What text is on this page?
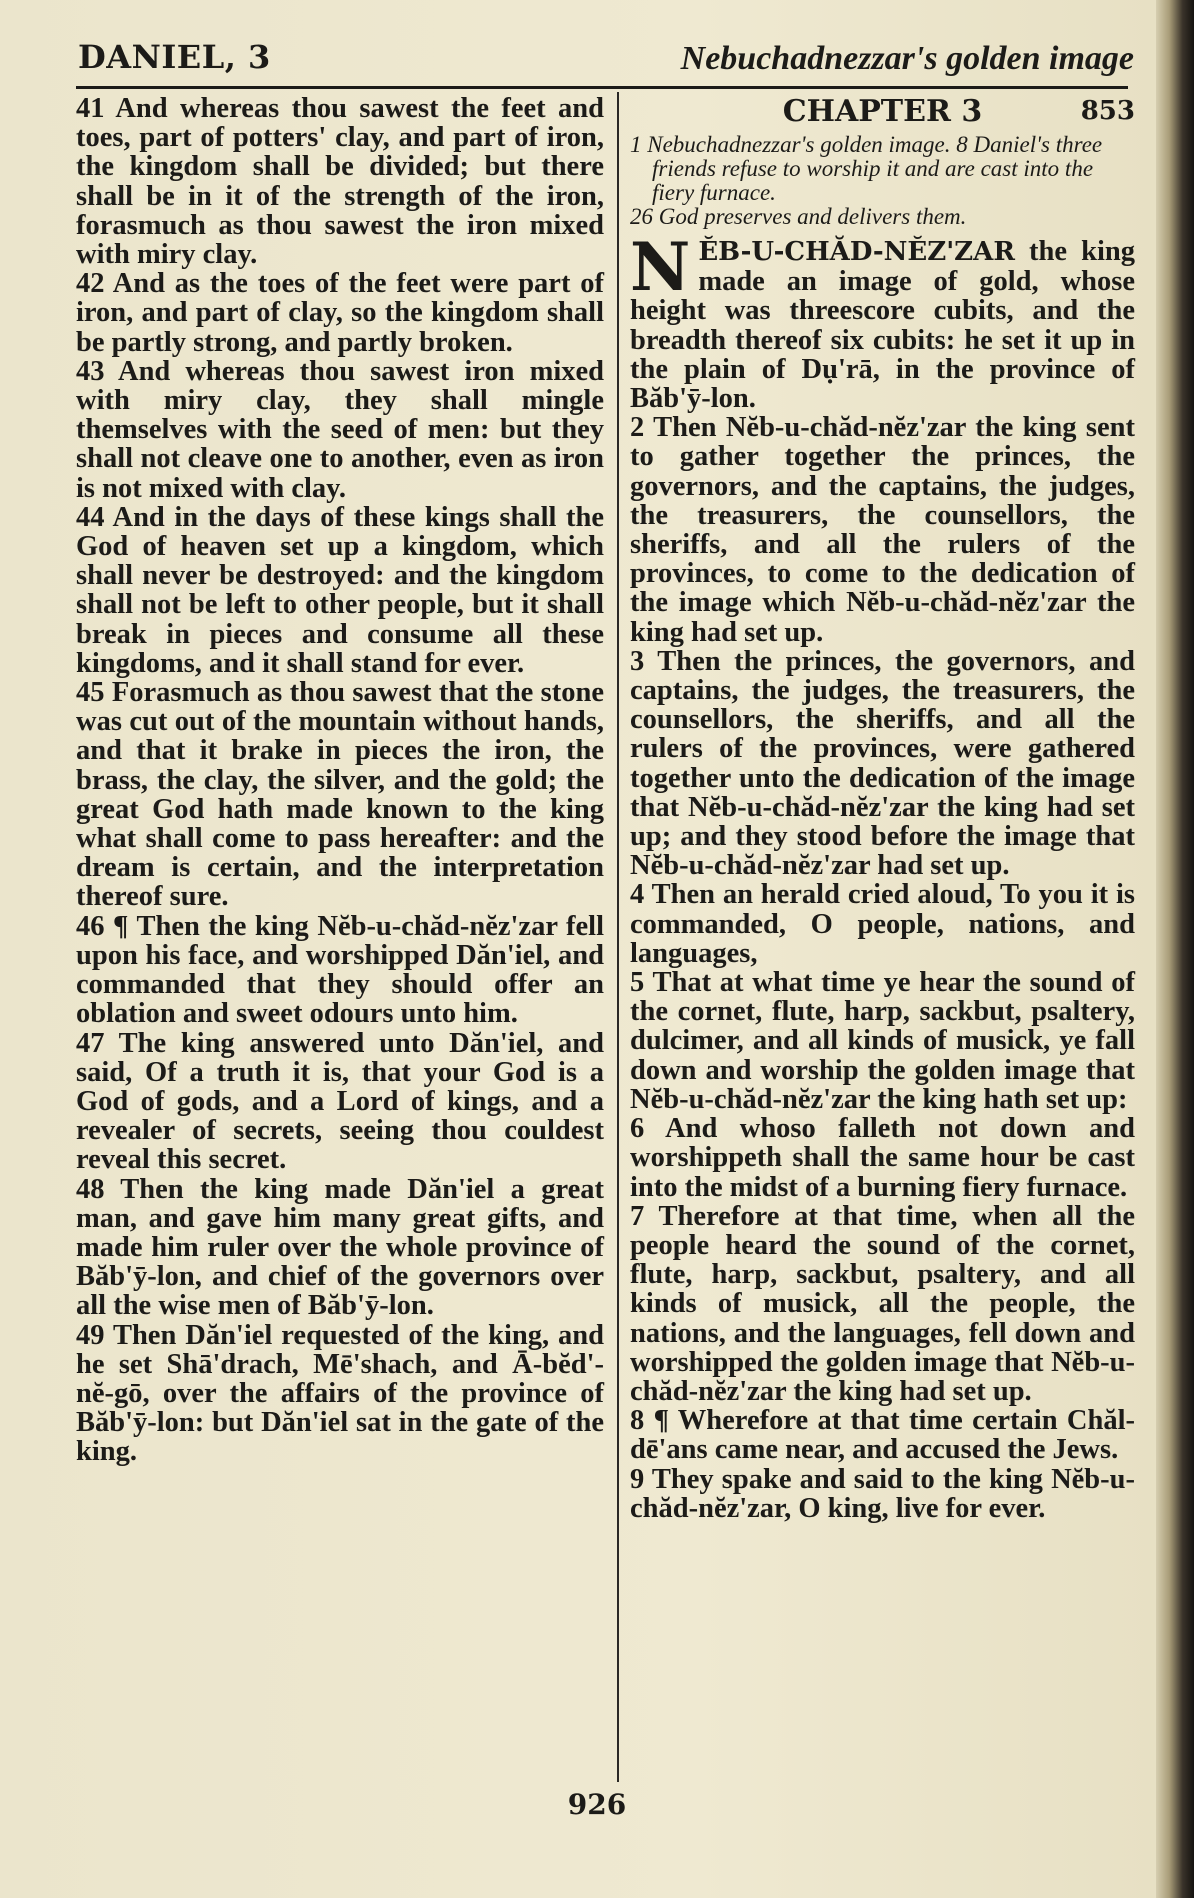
DANIEL, 3	Nebuchadnezzar's golden image

41 And whereas thou sawest the feet and toes, part of potters' clay, and part of iron, the kingdom shall be divided; but there shall be in it of the strength of the iron, forasmuch as thou sawest the iron mixed with miry clay.

42 And as the toes of the feet were part of iron, and part of clay, so the kingdom shall be partly strong, and partly broken.

43 And whereas thou sawest iron mixed with miry clay, they shall mingle themselves with the seed of men: but they shall not cleave one to another, even as iron is not mixed with clay.

44 And in the days of these kings shall the God of heaven set up a kingdom, which shall never be destroyed: and the kingdom shall not be left to other people, but it shall break in pieces and consume all these kingdoms, and it shall stand for ever.

45 Forasmuch as thou sawest that the stone was cut out of the mountain without hands, and that it brake in pieces the iron, the brass, the clay, the silver, and the gold; the great God hath made known to the king what shall come to pass hereafter: and the dream is certain, and the interpretation thereof sure.

46 ¶ Then the king Nĕb-u-chăd-nĕz'zar fell upon his face, and worshipped Dăn'iel, and commanded that they should offer an oblation and sweet odours unto him.

47 The king answered unto Dăn'iel, and said, Of a truth it is, that your God is a God of gods, and a Lord of kings, and a revealer of secrets, seeing thou couldest reveal this secret.

48 Then the king made Dăn'iel a great man, and gave him many great gifts, and made him ruler over the whole province of Băb'ȳ-lon, and chief of the governors over all the wise men of Băb'ȳ-lon.

49 Then Dăn'iel requested of the king, and he set Shā'drach, Mē'shach, and Ā-bĕd'-nĕ-gō, over the affairs of the province of Băb'ȳ-lon: but Dăn'iel sat in the gate of the king.

CHAPTER 3	853
1 Nebuchadnezzar's golden image. 8 Daniel's three friends refuse to worship it and are cast into the fiery furnace.
26 God preserves and delivers them.

NĔB-U-CHĂD-NĔZ'ZAR the king made an image of gold, whose height was threescore cubits, and the breadth thereof six cubits: he set it up in the plain of Dụ'rā, in the province of Băb'ȳ-lon.

2 Then Nĕb-u-chăd-nĕz'zar the king sent to gather together the princes, the governors, and the captains, the judges, the treasurers, the counsellors, the sheriffs, and all the rulers of the provinces, to come to the dedication of the image which Nĕb-u-chăd-nĕz'zar the king had set up.

3 Then the princes, the governors, and captains, the judges, the treasurers, the counsellors, the sheriffs, and all the rulers of the provinces, were gathered together unto the dedication of the image that Nĕb-u-chăd-nĕz'zar the king had set up; and they stood before the image that Nĕb-u-chăd-nĕz'zar had set up.

4 Then an herald cried aloud, To you it is commanded, O people, nations, and languages,

5 That at what time ye hear the sound of the cornet, flute, harp, sackbut, psaltery, dulcimer, and all kinds of musick, ye fall down and worship the golden image that Nĕb-u-chăd-nĕz'zar the king hath set up:

6 And whoso falleth not down and worshippeth shall the same hour be cast into the midst of a burning fiery furnace.

7 Therefore at that time, when all the people heard the sound of the cornet, flute, harp, sackbut, psaltery, and all kinds of musick, all the people, the nations, and the languages, fell down and worshipped the golden image that Nĕb-u-chăd-nĕz'zar the king had set up.

8 ¶ Wherefore at that time certain Chăl-dē'ans came near, and accused the Jews.

9 They spake and said to the king Nĕb-u-chăd-nĕz'zar, O king, live for ever.

926
